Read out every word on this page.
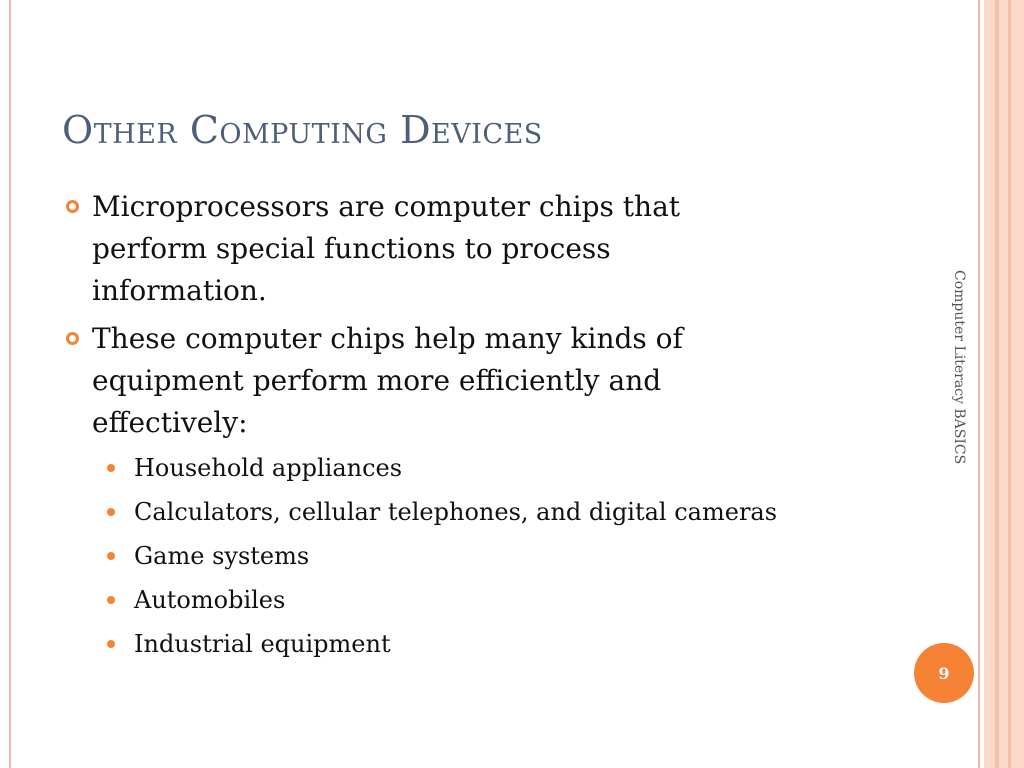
Other Computing Devices
Microprocessors are computer chips that perform special functions to process information.
These computer chips help many kinds of equipment perform more efficiently and effectively:
Household appliances
Calculators, cellular telephones, and digital cameras
Game systems
Automobiles
Industrial equipment
Computer Literacy BASICS
9
